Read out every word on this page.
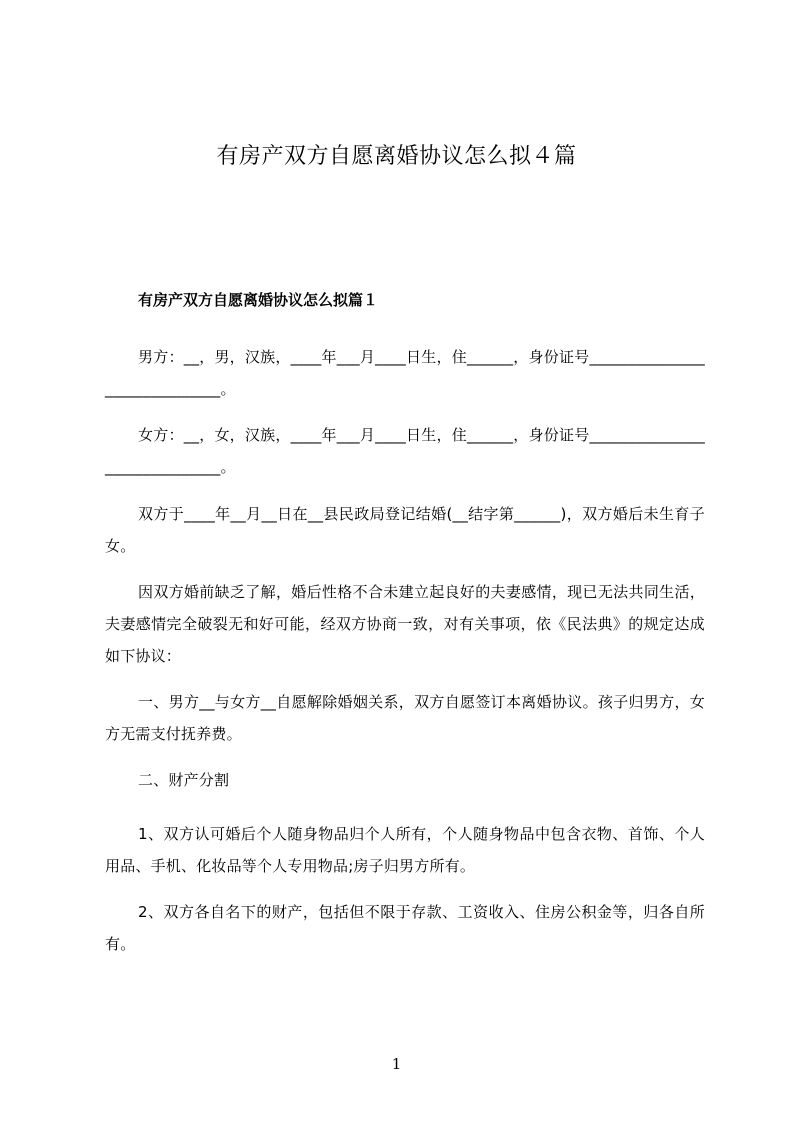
有房产双方自愿离婚协议怎么拟４篇
有房产双方自愿离婚协议怎么拟篇１
男方：__，男，汉族，____年___月____日生，住______，身份证号______________________________。
女方：__，女，汉族，____年___月____日生，住______，身份证号______________________________。
双方于____年__月__日在__县民政局登记结婚(__结字第______)，双方婚后未生育子女。
因双方婚前缺乏了解，婚后性格不合未建立起良好的夫妻感情，现已无法共同生活，夫妻感情完全破裂无和好可能，经双方协商一致，对有关事项，依《民法典》的规定达成如下协议：
一、男方__与女方__自愿解除婚姻关系，双方自愿签订本离婚协议。孩子归男方，女方无需支付抚养费。
二、财产分割
1、双方认可婚后个人随身物品归个人所有，个人随身物品中包含衣物、首饰、个人用品、手机、化妆品等个人专用物品;房子归男方所有。
2、双方各自名下的财产，包括但不限于存款、工资收入、住房公积金等，归各自所有。
1
